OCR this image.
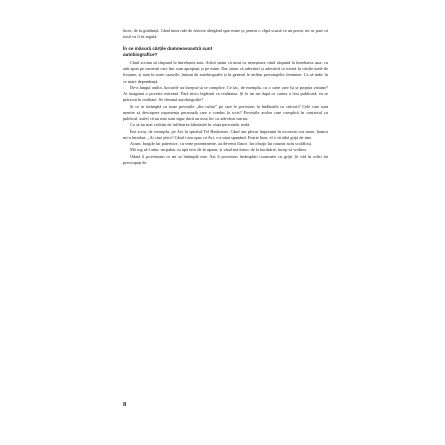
încet, de la grădiniță. Când intru ride de fericire alergând spre mine și, pentru o clipă scurtă ca un poem, mi se pare că totul va fi în regulă.

În ce măsură cărțile dumneavoastră sunt autobiografice?

Când scriam să răspund la întrebarea asta. Adică știam că mint cu nerușinare când răspund la întrebarea asta, cu atât spun pe oamenii care îmi sunt apropiați și pe mine. Dar știam că adevărul și adevărul ce există în cărțile mele de ficțiune, și sunt în toate cazurile, întruni de autobiografie și în general le atribui personajelor feminine. Ca să indic în ce mare dependență.

De-a lungul anilor, lucrurile au început să se complice. Ce fac, de exemplu, cu o carte care își ia propria viziune? Ai imaginat o poveste extremă. Fără nicio legătură cu realitatea. Și la un an după ce cartea a fost publicată, ea se petrecut în realitate. Se cheamă autobiografie?

Și ce se întâmplă cu toate poveștile „din culise” pe care le povestesc la întâlnirile cu cititorii? Cele care sunt menite să descopere experiența personală care a condus la scris? Poveștile acelea care complică în contactul cu publicul, astfel că nu mai sunt sigur dacă au avut loc cu adevărat sau nu.

Ca să nu mai vorbim de infiltrarea fabulației în viața personală, reală.

Îmi scriu, de exemplu, pe Avi la spitalul Tel Hashomer. Când am plecat împreună în excursia cea mare, banica mi-a întrebat: „Ai cine pleci? Când i-am spus cu Avi, s-a uitat spunând: Foarte bine, el o să aibă grijă de tine.

Acum, bragile lui puternice, cu vene proeminente, au devenit flasce. Iar obrajii lui rotunzi sunt scofâlciți.

Mă rog să-i aduc un pahar cu apă rece de la aparat, și când mă întorc de la bucătărie, încep să vorbim.

Odată îi povesteam ce mi se întâmplă mie. Azi îi povestesc întâmplări construite cu grijă. Și văd în ochii lui preocupați de

8
